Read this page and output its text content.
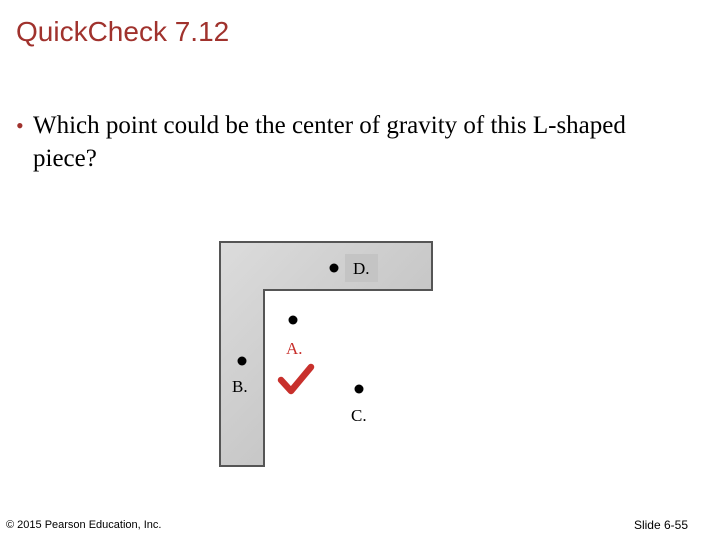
QuickCheck 7.12
• Which point could be the center of gravity of this L-shaped piece?
D.
A.
B.
C.
© 2015 Pearson Education, Inc.	Slide 6-55
